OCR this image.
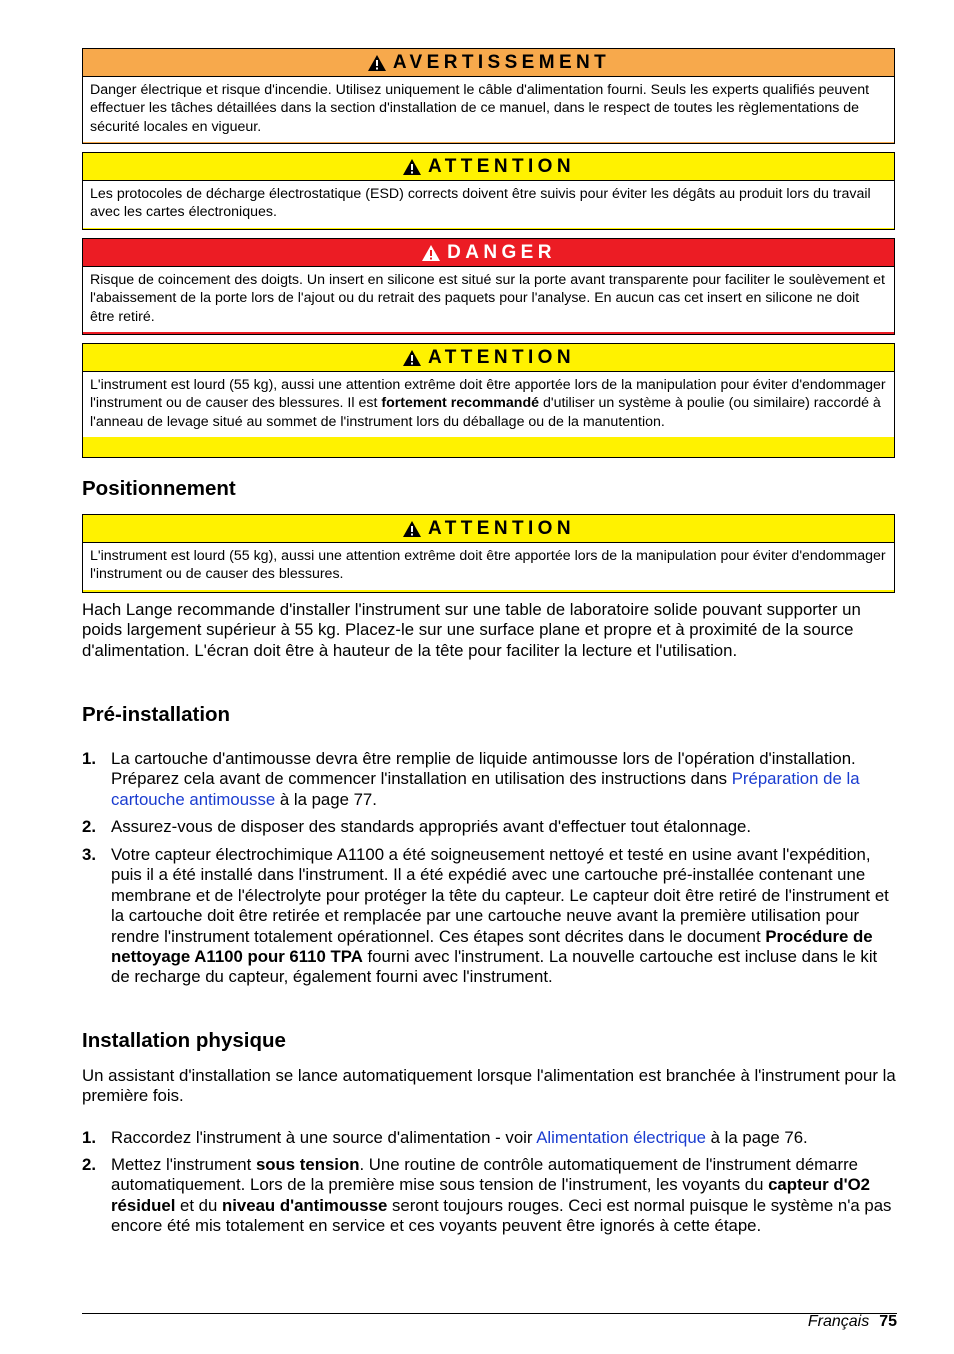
AVERTISSEMENT
Danger électrique et risque d'incendie. Utilisez uniquement le câble d'alimentation fourni. Seuls les experts qualifiés peuvent effectuer les tâches détaillées dans la section d'installation de ce manuel, dans le respect de toutes les règlementations de sécurité locales en vigueur.
ATTENTION
Les protocoles de décharge électrostatique (ESD) corrects doivent être suivis pour éviter les dégâts au produit lors du travail avec les cartes électroniques.
DANGER
Risque de coincement des doigts. Un insert en silicone est situé sur la porte avant transparente pour faciliter le soulèvement et l'abaissement de la porte lors de l'ajout ou du retrait des paquets pour l'analyse. En aucun cas cet insert en silicone ne doit être retiré.
ATTENTION
L'instrument est lourd (55 kg), aussi une attention extrême doit être apportée lors de la manipulation pour éviter d'endommager l'instrument ou de causer des blessures. Il est fortement recommandé d'utiliser un système à poulie (ou similaire) raccordé à l'anneau de levage situé au sommet de l'instrument lors du déballage ou de la manutention.
Positionnement
ATTENTION
L'instrument est lourd (55 kg), aussi une attention extrême doit être apportée lors de la manipulation pour éviter d'endommager l'instrument ou de causer des blessures.

Hach Lange recommande d'installer l'instrument sur une table de laboratoire solide pouvant supporter un poids largement supérieur à 55 kg. Placez-le sur une surface plane et propre et à proximité de la source d'alimentation. L'écran doit être à hauteur de la tête pour faciliter la lecture et l'utilisation.

Pré-installation
1. La cartouche d'antimousse devra être remplie de liquide antimousse lors de l'opération d'installation. Préparez cela avant de commencer l'installation en utilisation des instructions dans Préparation de la cartouche antimousse à la page 77.
2. Assurez-vous de disposer des standards appropriés avant d'effectuer tout étalonnage.
3. Votre capteur électrochimique A1100 a été soigneusement nettoyé et testé en usine avant l'expédition, puis il a été installé dans l'instrument. Il a été expédié avec une cartouche pré-installée contenant une membrane et de l'électrolyte pour protéger la tête du capteur. Le capteur doit être retiré de l'instrument et la cartouche doit être retirée et remplacée par une cartouche neuve avant la première utilisation pour rendre l'instrument totalement opérationnel. Ces étapes sont décrites dans le document Procédure de nettoyage A1100 pour 6110 TPA fourni avec l'instrument. La nouvelle cartouche est incluse dans le kit de recharge du capteur, également fourni avec l'instrument.
Installation physique

Un assistant d'installation se lance automatiquement lorsque l'alimentation est branchée à l'instrument pour la première fois.

1. Raccordez l'instrument à une source d'alimentation - voir Alimentation électrique à la page 76.
2. Mettez l'instrument sous tension. Une routine de contrôle automatiquement de l'instrument démarre automatiquement. Lors de la première mise sous tension de l'instrument, les voyants du capteur d'O2 résiduel et du niveau d'antimousse seront toujours rouges. Ceci est normal puisque le système n'a pas encore été mis totalement en service et ces voyants peuvent être ignorés à cette étape.
Français 75
